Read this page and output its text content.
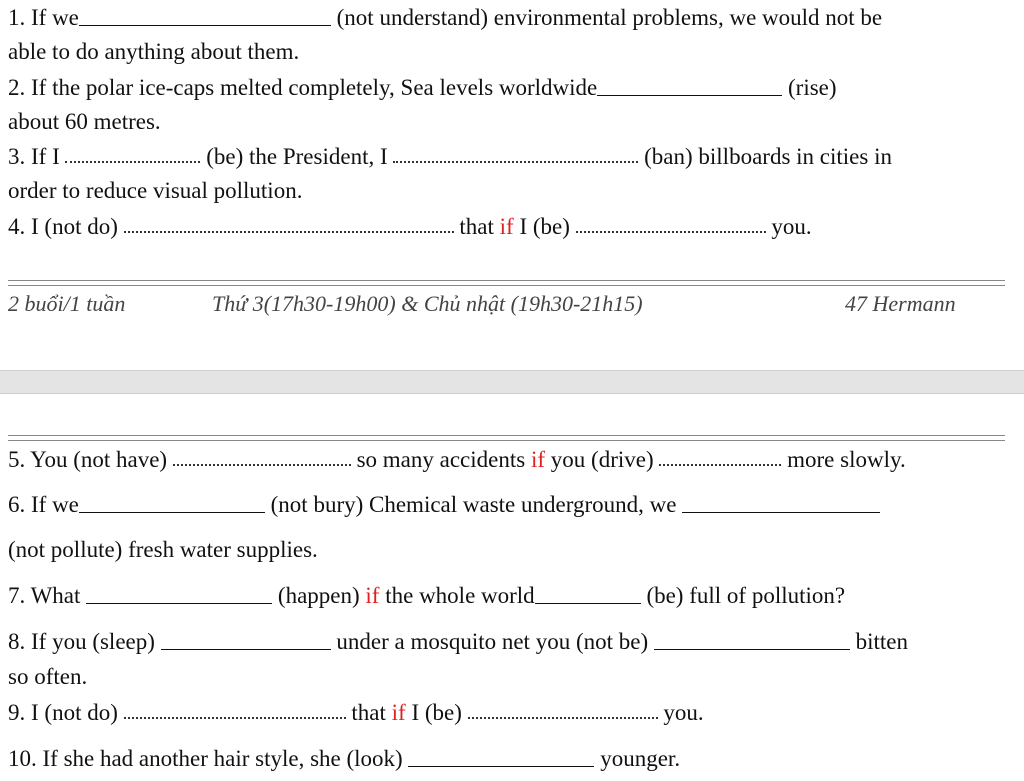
1. If we	(not understand) environmental problems, we would not be
able to do anything about them.
2. If the polar ice-caps melted completely, Sea levels worldwide	(rise)
about 60 metres.
3. If I	(be) the President, I	(ban) billboards in cities in
order to reduce visual pollution.
4. I (not do)	that if I (be)	you.
2 buổi/1 tuần	Thứ 3(17h30-19h00) & Chủ nhật (19h30-21h15)	47 Hermann
5. You (not have)	so many accidents if you (drive)	more slowly.
6. If we	(not bury) Chemical waste underground, we
(not pollute) fresh water supplies.
7. What	(happen) if the whole world	(be) full of pollution?
8. If you (sleep)	under a mosquito net you (not be)	bitten
so often.
9. I (not do)	that if I (be)	you.
10. If she had another hair style, she (look)	younger.
